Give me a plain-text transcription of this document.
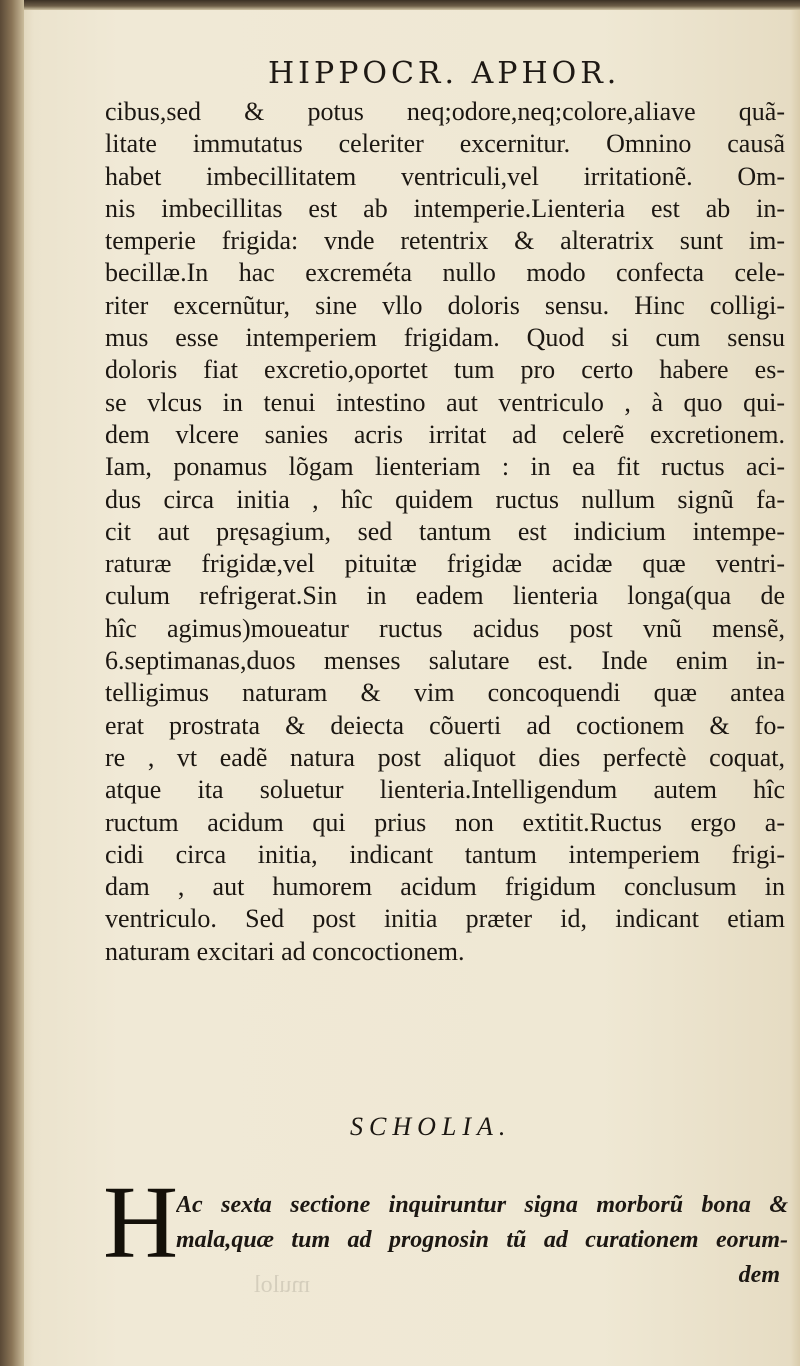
HIPPOCR. APHOR.
cibus,sed & potus neq;odore,neq;colore,aliave quã-
litate immutatus celeriter excernitur. Omnino causã
habet imbecillitatem ventriculi,vel irritationẽ. Om-
nis imbecillitas est ab intemperie.Lienteria est ab in-
temperie frigida: vnde retentrix & alteratrix sunt im-
becillæ.In hac excreméta nullo modo confecta cele-
riter excernũtur, sine vllo doloris sensu. Hinc colligi-
mus esse intemperiem frigidam. Quod si cum sensu
doloris fiat excretio,oportet tum pro certo habere es-
se vlcus in tenui intestino aut ventriculo , à quo qui-
dem vlcere sanies acris irritat ad celerẽ excretionem.
Iam, ponamus lõgam lienteriam : in ea fit ructus aci-
dus circa initia , hîc quidem ructus nullum signũ fa-
cit aut pręsagium, sed tantum est indicium intempe-
raturæ frigidæ,vel pituitæ frigidæ acidæ quæ ventri-
culum refrigerat.Sin in eadem lienteria longa(qua de
hîc agimus)moueatur ructus acidus post vnũ mensẽ,
6.septimanas,duos menses salutare est. Inde enim in-
telligimus naturam & vim concoquendi quæ antea
erat prostrata & deiecta cõuerti ad coctionem & fo-
re , vt eadẽ natura post aliquot dies perfectè coquat,
atque ita soluetur lienteria.Intelligendum autem hîc
ructum acidum qui prius non extitit.Ructus ergo a-
cidi circa initia, indicant tantum intemperiem frigi-
dam , aut humorem acidum frigidum conclusum in
ventriculo. Sed post initia præter id, indicant etiam
naturam excitari ad concoctionem.
SCHOLIA.
H
Ac sexta sectione inquiruntur signa morborũ bona &
mala,quæ tum ad prognosin tũ ad curationem eorum-
dem
mulol
